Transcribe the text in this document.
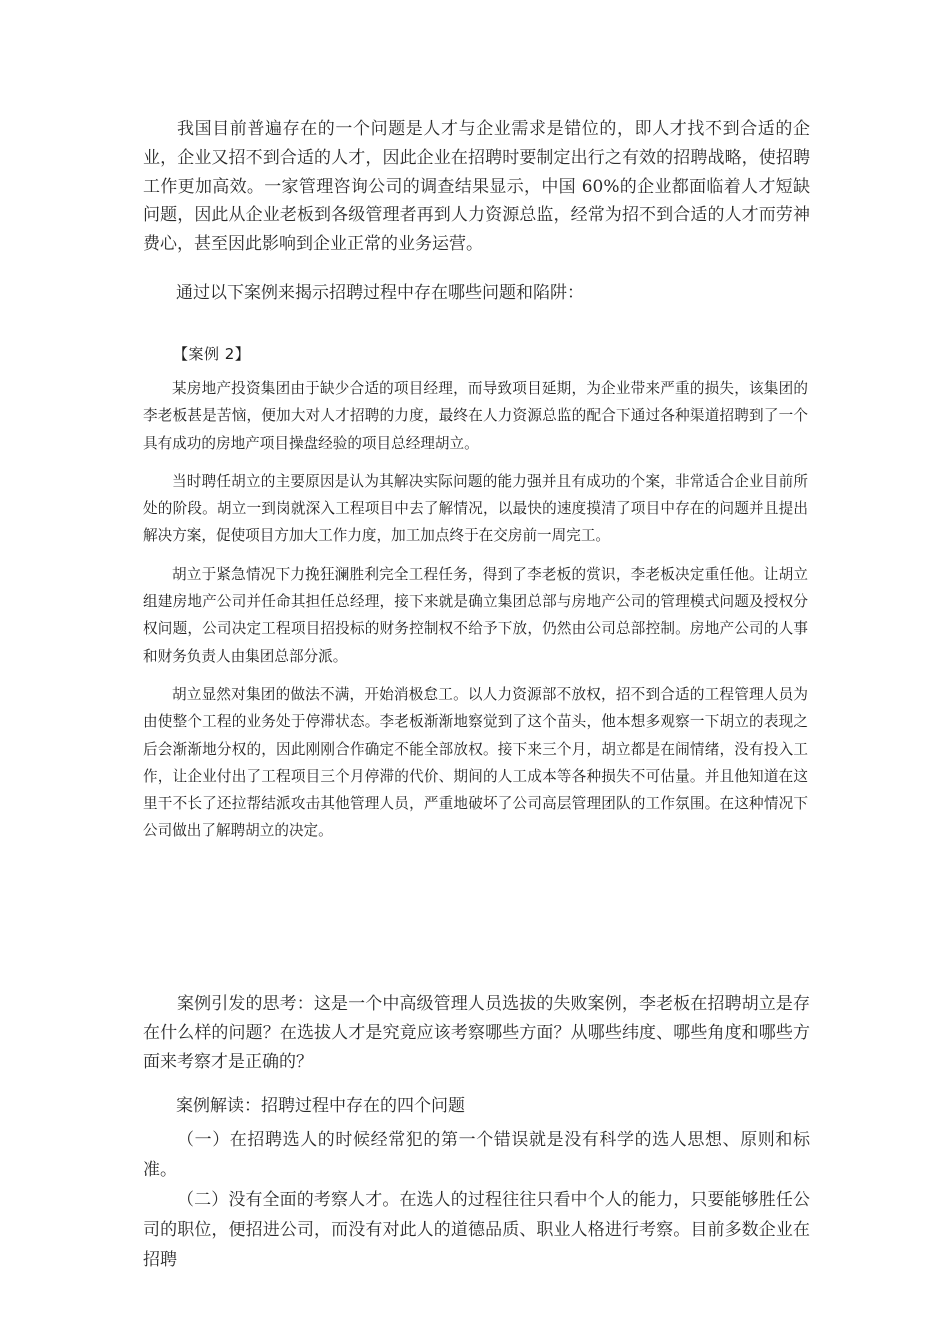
我国目前普遍存在的一个问题是人才与企业需求是错位的，即人才找不到合适的企业，企业又招不到合适的人才，因此企业在招聘时要制定出行之有效的招聘战略，使招聘工作更加高效。一家管理咨询公司的调查结果显示，中国 60%的企业都面临着人才短缺问题，因此从企业老板到各级管理者再到人力资源总监，经常为招不到合适的人才而劳神费心，甚至因此影响到企业正常的业务运营。

通过以下案例来揭示招聘过程中存在哪些问题和陷阱：
【案例 2】

某房地产投资集团由于缺少合适的项目经理，而导致项目延期，为企业带来严重的损失，该集团的李老板甚是苦恼，便加大对人才招聘的力度，最终在人力资源总监的配合下通过各种渠道招聘到了一个具有成功的房地产项目操盘经验的项目总经理胡立。

当时聘任胡立的主要原因是认为其解决实际问题的能力强并且有成功的个案，非常适合企业目前所处的阶段。胡立一到岗就深入工程项目中去了解情况，以最快的速度摸清了项目中存在的问题并且提出解决方案，促使项目方加大工作力度，加工加点终于在交房前一周完工。

胡立于紧急情况下力挽狂澜胜利完全工程任务，得到了李老板的赏识，李老板决定重任他。让胡立组建房地产公司并任命其担任总经理，接下来就是确立集团总部与房地产公司的管理模式问题及授权分权问题，公司决定工程项目招投标的财务控制权不给予下放，仍然由公司总部控制。房地产公司的人事和财务负责人由集团总部分派。

胡立显然对集团的做法不满，开始消极怠工。以人力资源部不放权，招不到合适的工程管理人员为由使整个工程的业务处于停滞状态。李老板渐渐地察觉到了这个苗头，他本想多观察一下胡立的表现之后会渐渐地分权的，因此刚刚合作确定不能全部放权。接下来三个月，胡立都是在闹情绪，没有投入工作，让企业付出了工程项目三个月停滞的代价、期间的人工成本等各种损失不可估量。并且他知道在这里干不长了还拉帮结派攻击其他管理人员，严重地破坏了公司高层管理团队的工作氛围。在这种情况下公司做出了解聘胡立的决定。

案例引发的思考：这是一个中高级管理人员选拔的失败案例，李老板在招聘胡立是存在什么样的问题？在选拔人才是究竟应该考察哪些方面？从哪些纬度、哪些角度和哪些方面来考察才是正确的？

案例解读：招聘过程中存在的四个问题

（一）在招聘选人的时候经常犯的第一个错误就是没有科学的选人思想、原则和标准。

（二）没有全面的考察人才。在选人的过程往往只看中个人的能力，只要能够胜任公司的职位，便招进公司，而没有对此人的道德品质、职业人格进行考察。目前多数企业在招聘
